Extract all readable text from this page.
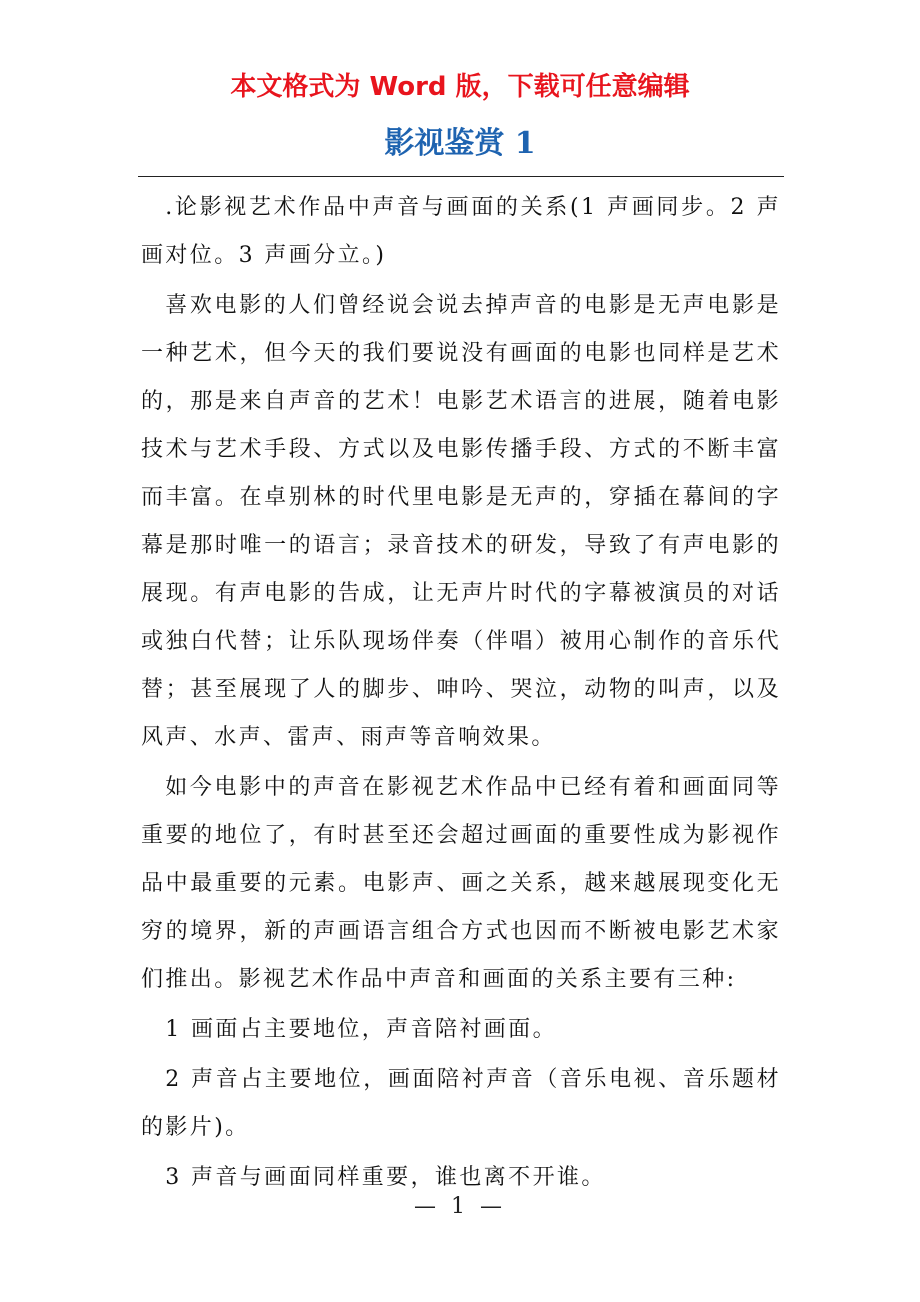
本文格式为 Word 版，下载可任意编辑
影视鉴赏 1

.论影视艺术作品中声音与画面的关系(1 声画同步。2 声画对位。3 声画分立。)

喜欢电影的人们曾经说会说去掉声音的电影是无声电影是一种艺术，但今天的我们要说没有画面的电影也同样是艺术的，那是来自声音的艺术！电影艺术语言的进展，随着电影技术与艺术手段、方式以及电影传播手段、方式的不断丰富而丰富。在卓别林的时代里电影是无声的，穿插在幕间的字幕是那时唯一的语言；录音技术的研发，导致了有声电影的展现。有声电影的告成，让无声片时代的字幕被演员的对话或独白代替；让乐队现场伴奏（伴唱）被用心制作的音乐代替；甚至展现了人的脚步、呻吟、哭泣，动物的叫声，以及风声、水声、雷声、雨声等音响效果。

如今电影中的声音在影视艺术作品中已经有着和画面同等重要的地位了，有时甚至还会超过画面的重要性成为影视作品中最重要的元素。电影声、画之关系，越来越展现变化无穷的境界，新的声画语言组合方式也因而不断被电影艺术家们推出。影视艺术作品中声音和画面的关系主要有三种:

1 画面占主要地位，声音陪衬画面。

2 声音占主要地位，画面陪衬声音（音乐电视、音乐题材的影片)。

3 声音与画面同样重要，谁也离不开谁。

— 1 —
